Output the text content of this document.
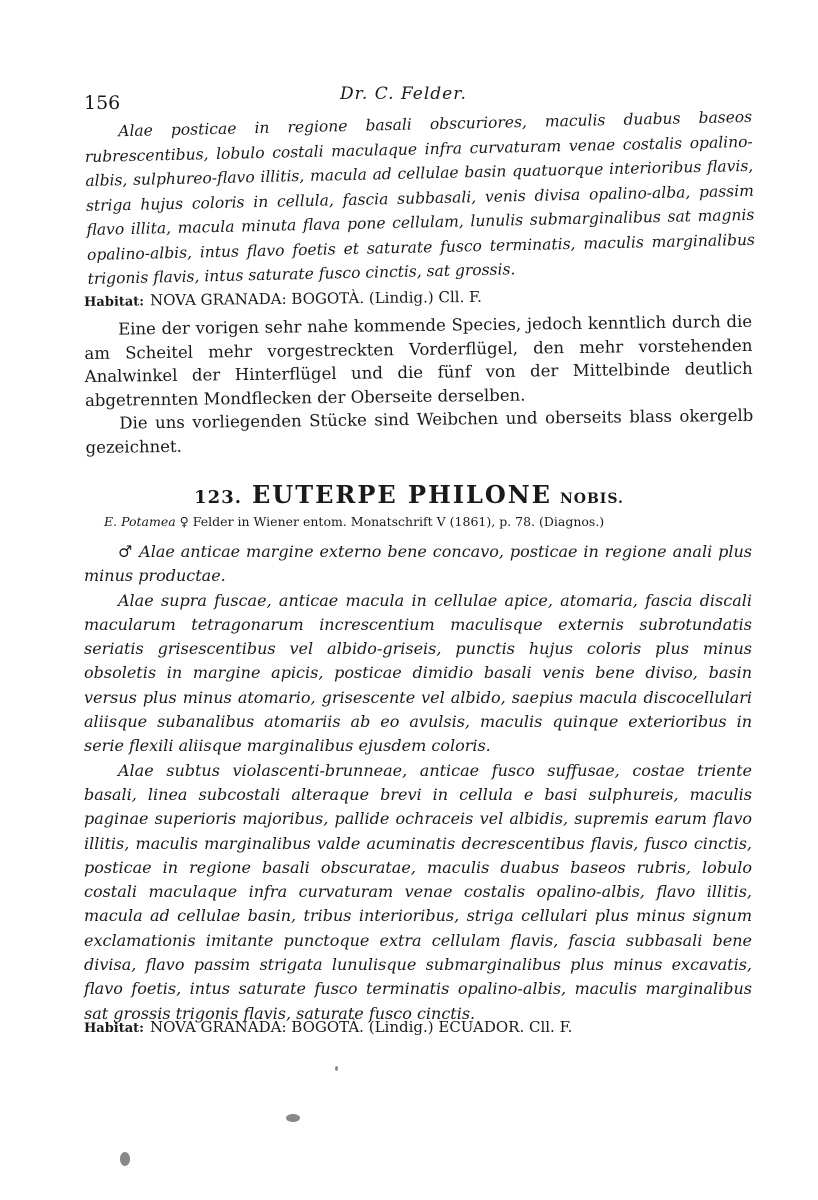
156	Dr. C. Felder.
Alae posticae in regione basali obscuriores, maculis duabus baseos rubrescentibus, lobulo costali maculaque infra curvaturam venae costalis opalino-albis, sulphureo-flavo illitis, macula ad cellulae basin quatuorque interioribus flavis, striga hujus coloris in cellula, fascia subbasali, venis divisa opalino-alba, passim flavo illita, macula minuta flava pone cellulam, lunulis submarginalibus sat magnis opalino-albis, intus flavo foetis et saturate fusco terminatis, maculis marginalibus trigonis flavis, intus saturate fusco cinctis, sat grossis.
Habitat: NOVA GRANADA: BOGOTÀ. (Lindig.) Cll. F.

Eine der vorigen sehr nahe kommende Species, jedoch kenntlich durch die am Scheitel mehr vorgestreckten Vorderflügel, den mehr vorstehenden Analwinkel der Hinterflügel und die fünf von der Mittelbinde deutlich abgetrennten Mondflecken der Oberseite derselben.

Die uns vorliegenden Stücke sind Weibchen und oberseits blass okergelb gezeichnet.

123. EUTERPE PHILONE NOBIS.
E. Potamea ♀ Felder in Wiener entom. Monatschrift V (1861), p. 78. (Diagnos.)

♂ Alae anticae margine externo bene concavo, posticae in regione anali plus minus productae.

Alae supra fuscae, anticae macula in cellulae apice, atomaria, fascia discali macularum tetragonarum increscentium maculisque externis subrotundatis seriatis grisescentibus vel albido-griseis, punctis hujus coloris plus minus obsoletis in margine apicis, posticae dimidio basali venis bene diviso, basin versus plus minus atomario, grisescente vel albido, saepius macula discocellulari aliisque subanalibus atomariis ab eo avulsis, maculis quinque exterioribus in serie flexili aliisque marginalibus ejusdem coloris.

Alae subtus violascenti-brunneae, anticae fusco suffusae, costae triente basali, linea subcostali alteraque brevi in cellula e basi sulphureis, maculis paginae superioris majoribus, pallide ochraceis vel albidis, supremis earum flavo illitis, maculis marginalibus valde acuminatis decrescentibus flavis, fusco cinctis, posticae in regione basali obscuratae, maculis duabus baseos rubris, lobulo costali maculaque infra curvaturam venae costalis opalino-albis, flavo illitis, macula ad cellulae basin, tribus interioribus, striga cellulari plus minus signum exclamationis imitante punctoque extra cellulam flavis, fascia subbasali bene divisa, flavo passim strigata lunulisque submarginalibus plus minus excavatis, flavo foetis, intus saturate fusco terminatis opalino-albis, maculis marginalibus sat grossis trigonis flavis, saturate fusco cinctis.

Habitat: NOVA GRANADA: BOGOTÀ. (Lindig.) ECUADOR. Cll. F.
